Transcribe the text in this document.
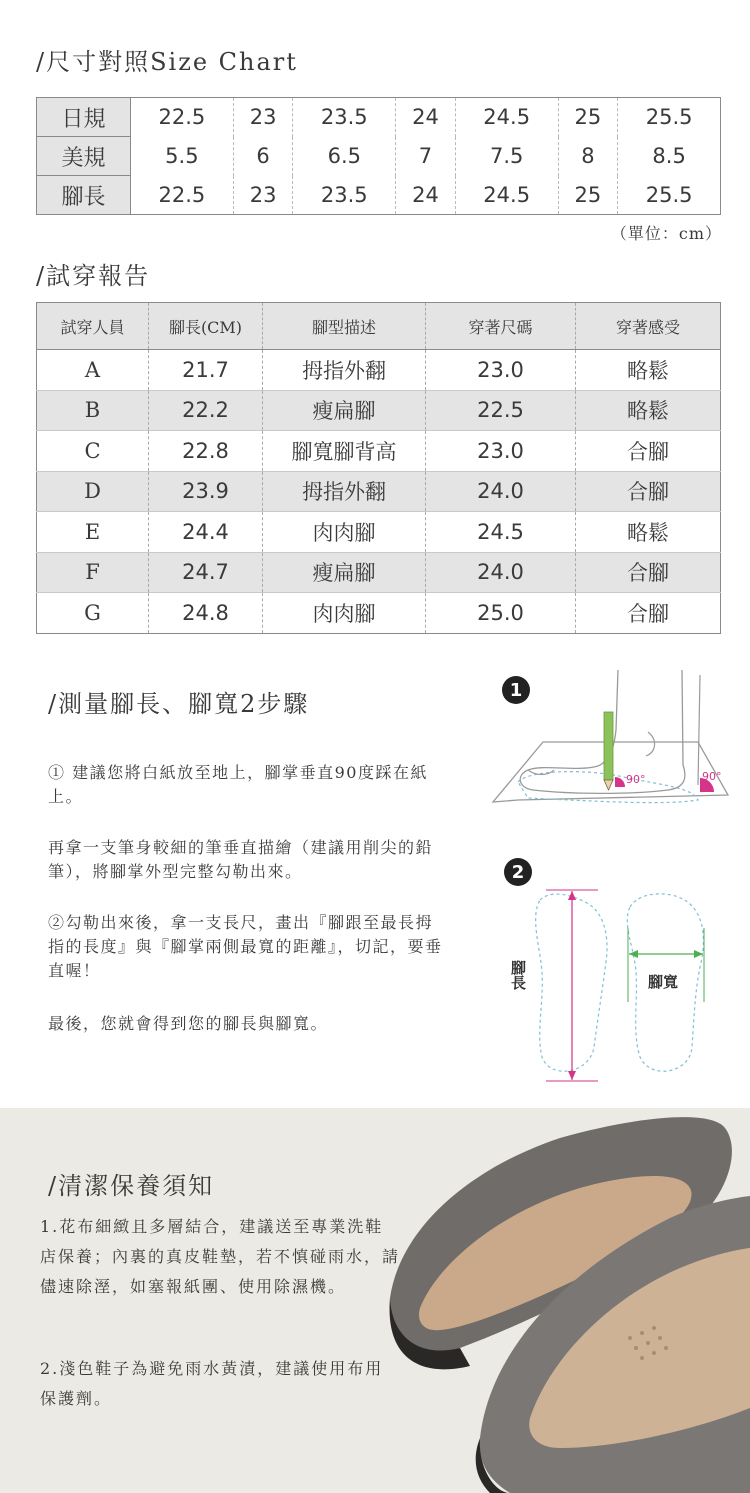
/尺寸對照Size Chart
日規	22.5	23	23.5	24	24.5	25	25.5
美規	5.5	6	6.5	7	7.5	8	8.5
腳長	22.5	23	23.5	24	24.5	25	25.5
（單位：cm）
/試穿報告
試穿人員	腳長(CM)	腳型描述	穿著尺碼	穿著感受
A	21.7	拇指外翻	23.0	略鬆
B	22.2	瘦扁腳	22.5	略鬆
C	22.8	腳寬腳背高	23.0	合腳
D	23.9	拇指外翻	24.0	合腳
E	24.4	肉肉腳	24.5	略鬆
F	24.7	瘦扁腳	24.0	合腳
G	24.8	肉肉腳	25.0	合腳
/測量腳長、腳寬2步驟
① 建議您將白紙放至地上，腳掌垂直90度踩在紙上。
再拿一支筆身較細的筆垂直描繪（建議用削尖的鉛筆），將腳掌外型完整勾勒出來。
②勾勒出來後，拿一支長尺，畫出『腳跟至最長拇指的長度』與『腳掌兩側最寬的距離』，切記，要垂直喔！
最後，您就會得到您的腳長與腳寬。
1
90°	90°
2
腳長	腳寬
/清潔保養須知
1.花布細緻且多層結合，建議送至專業洗鞋店保養；內裏的真皮鞋墊，若不慎碰雨水，請儘速除溼，如塞報紙團、使用除濕機。
2.淺色鞋子為避免雨水黃漬，建議使用布用保護劑。
